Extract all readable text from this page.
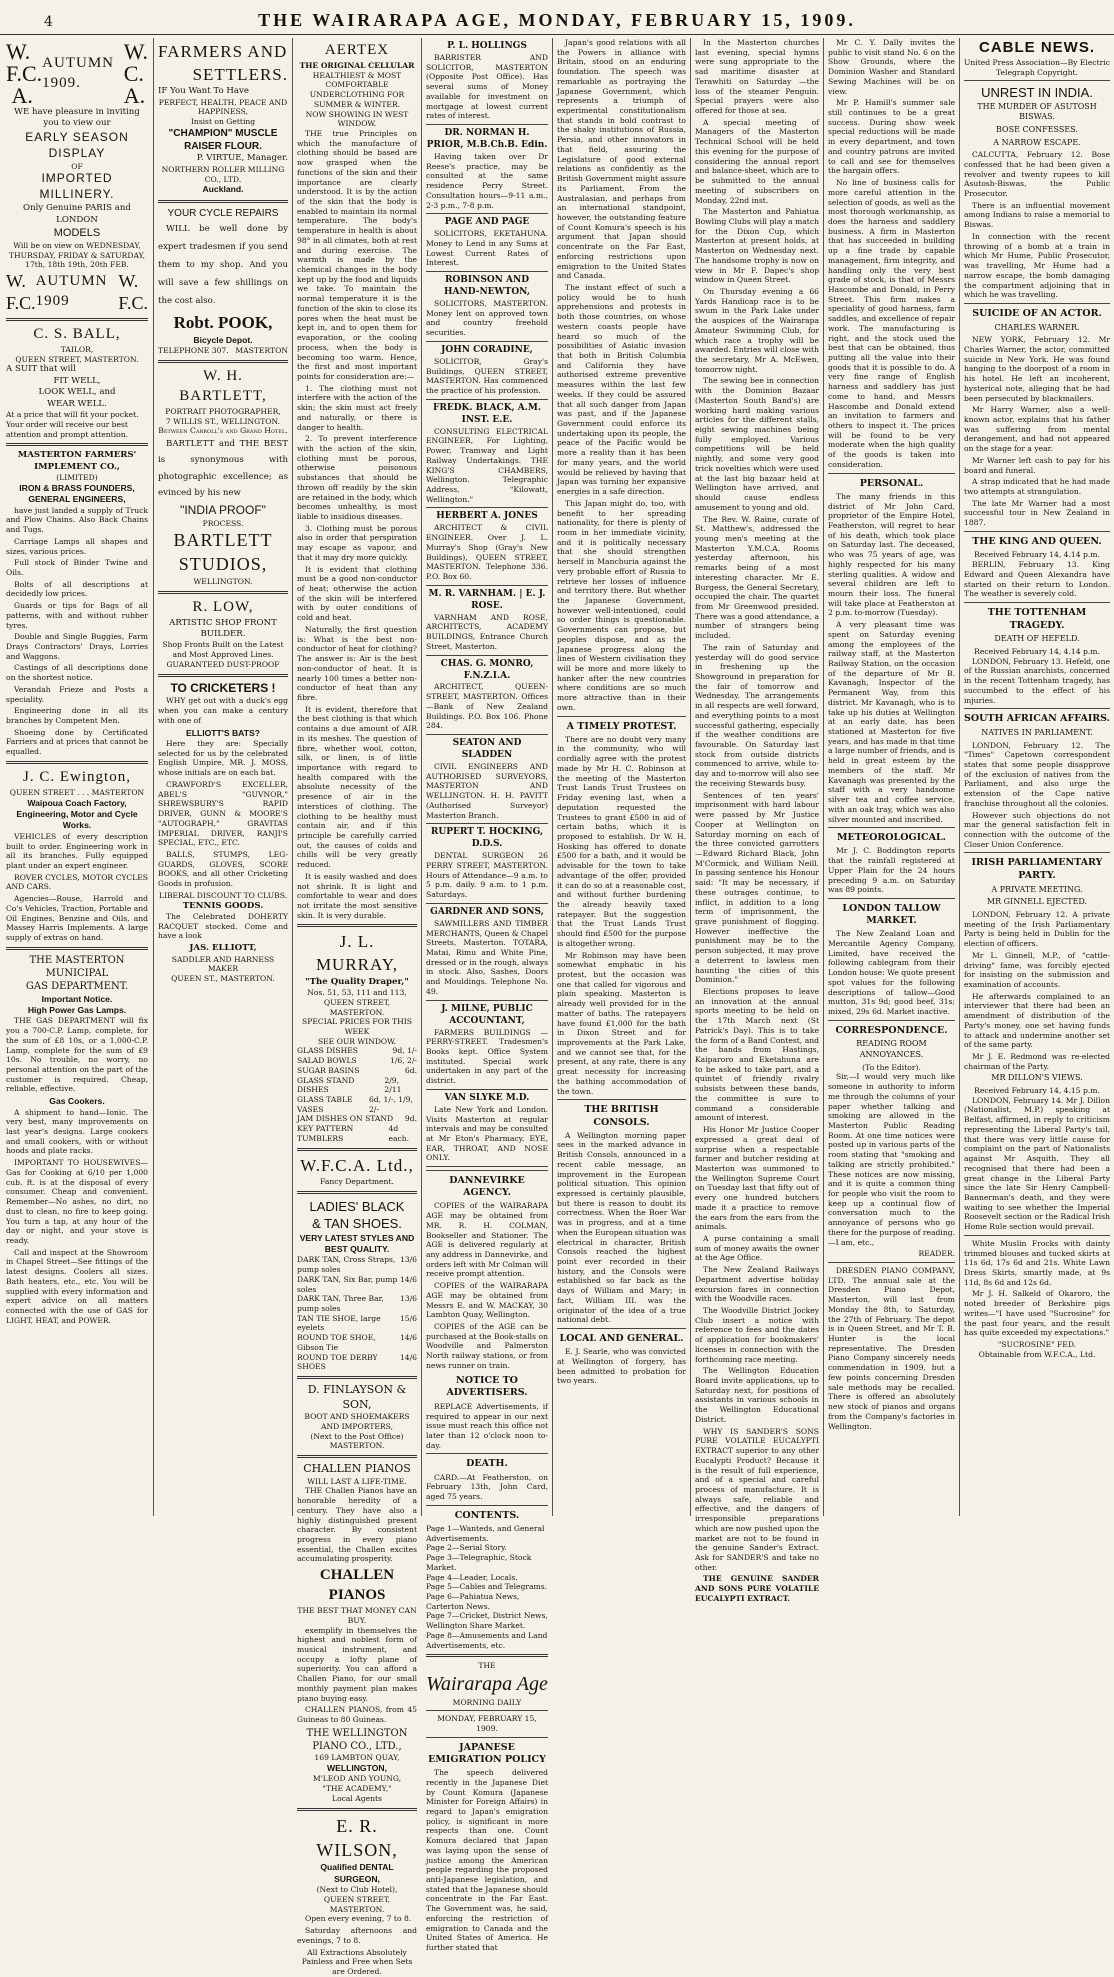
4	THE WAIRARAPA AGE, MONDAY, FEBRUARY 15, 1909.
W.
F.C.
A.
AUTUMN 1909.
W.
C.
A.

WE have pleasure in inviting you to view our

EARLY SEASON DISPLAY

OF

IMPORTED MILLINERY.

Only Genuine PARIS and LONDON

MODELS

Will be on view on WEDNESDAY, THURSDAY, FRIDAY & SATURDAY, 17th, 18th 19th, 20th FEB.

W.
F.C.
AUTUMN 1909
W.
F.C.

C. S. BALL,

TAILOR,

QUEEN STREET, MASTERTON.

A SUIT that will

FIT WELL,

LOOK WELL, and

WEAR WELL.

At a price that will fit your pocket.

Your order will receive our best attention and prompt attention.

MASTERTON FARMERS'

IMPLEMENT CO.,

(LIMITED)

IRON & BRASS FOUNDERS,

GENERAL ENGINEERS,

have just landed a supply of Truck and Plow Chains. Also Back Chains and Tugs.

Carriage Lamps all shapes and sizes, various prices.

Full stock of Binder Twine and Oils.

Bolts of all descriptions at decidedly low prices.

Guards or tips for Bags of all patterns, with and without rubber tyres.

Double and Single Buggies, Farm Drays Contractors' Drays, Lorries and Waggons.

Castings of all descriptions done on the shortest notice.

Verandah Frieze and Posts a speciality.

Engineering done in all its branches by Competent Men.

Shoeing done by Certificated Farriers and at prices that cannot be equalled.

J. C. Ewington,

QUEEN STREET . . . MASTERTON

Waipoua Coach Factory, Engineering, Motor and Cycle Works.

VEHICLES of every description built to order. Engineering work in all its branches. Fully equipped plant under an expert engineer.

ROVER CYCLES, MOTOR CYCLES AND CARS.

Agencies—Rouse, Harrold and Co's Vehicles, Traction, Portable and Oil Engines, Benzine and Oils, and Massey Harris Implements. A large supply of extras on hand.

THE MASTERTON

MUNICIPAL

GAS DEPARTMENT.

Important Notice.

High Power Gas Lamps.

THE GAS DEPARTMENT will fix you a 700-C.P. Lamp, complete, for the sum of £8 10s, or a 1,000-C.P. Lamp, complete for the sum of £9 10s. No trouble, no worry, no personal attention on the part of the customer is required. Cheap, reliable, effective.

Gas Cookers.

A shipment to hand—Ionic. The very best, many improvements on last year's designs. Large cookers and small cookers, with or without hoods and plate racks.

IMPORTANT TO HOUSEWIVES—Gas for Cooking at 6/10 per 1,000 cub. ft. is at the disposal of every consumer. Cheap and convenient. Remember—No ashes, no dirt, no dust to clean, no fire to keep going. You turn a tap, at any hour of the day or night, and your stove is ready.

Call and inspect at the Showroom in Chapel Street—See fittings of the latest designs. Coolers all sizes. Bath heaters, etc., etc. You will be supplied with every information and expert advice on all matters connected with the use of GAS for LIGHT, HEAT, and POWER.

FARMERS AND

SETTLERS.

IF You Want To Have

PERFECT, HEALTH, PEACE AND HAPPINESS,

Insist on Getting

"CHAMPION" MUSCLE RAISER FLOUR.

P. VIRTUE, Manager.

NORTHERN ROLLER MILLING CO., LTD.

Auckland.

YOUR CYCLE REPAIRS

WILL be well done by expert tradesmen if you send them to my shop. And you will save a few shillings on the cost also.

Robt. POOK,

Bicycle Depot.

TELEPHONE 307. MASTERTON

W. H. BARTLETT,

PORTRAIT PHOTOGRAPHER,

7 WILLIS ST., WELLINGTON.

Between Carroll's and Grand Hotel.

BARTLETT and THE BEST is synonymous with photographic excellence; as evinced by his new

"INDIA PROOF"

PROCESS.

BARTLETT STUDIOS,

WELLINGTON.

R. LOW,

ARTISTIC SHOP FRONT BUILDER.

Shop Fronts Built on the Latest and Most Approved Lines.

GUARANTEED DUST-PROOF

TO CRICKETERS !

WHY get out with a duck's egg when you can make a century with one of

ELLIOTT'S BATS?

Here they are: Specially selected for us by the celebrated English Umpire, MR. J. MOSS, whose initials are on each bat.

CRAWFORD'S EXCELLER, ABEL'S "GUVNOR," SHREWSBURY'S RAPID DRIVER, GUNN & MOORE'S "AUTOGRAPH," GRAVITAS IMPERIAL DRIVER, RANJI'S SPECIAL, ETC., ETC.

BALLS, STUMPS, LEG-GUARDS, GLOVES, SCORE BOOKS, and all other Cricketing Goods in profusion.

LIBERAL DISCOUNT TO CLUBS.

TENNIS GOODS.

The Celebrated DOHERTY RACQUET stocked. Come and have a look

JAS. ELLIOTT,

SADDLER AND HARNESS MAKER

QUEEN ST., MASTERTON.

AERTEX

THE ORIGINAL CELLULAR

HEALTHIEST & MOST COMFORTABLE UNDERCLOTHING FOR SUMMER & WINTER.

NOW SHOWING IN WEST WINDOW.

THE true Principles on which the manufacture of clothing should be based are now grasped when the functions of the skin and their importance are clearly understood. It is by the action of the skin that the body is enabled to maintain its normal temperature. The body's temperature in health is about 98° in all climates, both at rest and during exercise. The warmth is made by the chemical changes in the body kept up by the food and liquids we take. To maintain the normal temperature it is the function of the skin to close its pores when the heat must be kept in, and to open them for evaporation, or the cooling process, when the body is becoming too warm. Hence, the first and most important points for consideration are:—

1. The clothing must not interfere with the action of the skin; the skin must act freely and naturally, or there is danger to health.

2. To prevent interference with the action of the skin, clothing must be porous, otherwise poisonous substances that should be thrown off readily by the skin are retained in the body, which becomes unhealthy, is most liable to insidious diseases.

3. Clothing must be porous also in order that perspiration may escape as vapour, and that it may dry more quickly.

It is evident that clothing must be a good non-conductor of heat; otherwise the action of the skin will be interfered with by outer conditions of cold and heat.

Naturally, the first question is: What is the best non-conductor of heat for clothing? The answer is: Air is the best non-conductor of heat. It is nearly 100 times a better non-conductor of heat than any fibre.

It is evident, therefore that the best clothing is that which contains a due amount of AIR in its meshes. The question of fibre, whether wool, cotton, silk, or linen, is of little importance with regard to health compared with the absolute necessity of the presence of air in the interstices of clothing. The clothing to be healthy must contain air, and if this principle be carefully carried out, the causes of colds and chills will be very greatly reduced.

It is easily washed and does not shrink. It is light and comfortable to wear and does not irritate the most sensitive skin. It is very durable.

J. L. MURRAY,

"The Quality Draper,"

Nos. 51, 53, 111 and 113,

QUEEN STREET, MASTERTON.

SPECIAL PRICES FOR THIS WEEK

SEE OUR WINDOW.

GLASS DISHES	9d, 1/-
SALAD BOWLS	1/6, 2/-
SUGAR BASINS	6d.
GLASS STAND DISHES
2/9, 2/11
GLASS TABLE VASES
6d, 1/-, 1/9, 2/-
JAM DISHES ON STAND 9d.
KEY PATTERN TUMBLERS
4d each.

W.F.C.A. Ltd.,

Fancy Department.

LADIES' BLACK

& TAN SHOES.

VERY LATEST STYLES AND BEST QUALITY.

DARK TAN, Cross Straps, pump soles
13/6
DARK TAN, Six Bar, pump soles
14/6
DARK TAN, Three Bar, pump soles
13/6
TAN TIE SHOE, large eyelets
15/6
ROUND TOE SHOE, Gibson Tie
14/6
ROUND TOE DERBY SHOES
14/6

D. FINLAYSON & SON,

BOOT AND SHOEMAKERS

AND IMPORTERS,

(Next to the Post Office)

MASTERTON.

CHALLEN PIANOS

WILL LAST A LIFE-TIME.

THE Challen Pianos have an honorable heredity of a century. They have also a highly distinguished present character. By consistent progress in every piano essential, the Challen excites accumulating prosperity.

CHALLEN PIANOS

THE BEST THAT MONEY CAN BUY.

exemplify in themselves the highest and noblest form of musical instrument, and occupy a lofty plane of superiority. You can afford a Challen Piano, for our small monthly payment plan makes piano buying easy.

CHALLEN PIANOS, from 45 Guineas to 80 Guineas.

THE WELLINGTON PIANO CO., LTD.,

169 LAMBTON QUAY,

WELLINGTON,

M'LEOD AND YOUNG,

"THE ACADEMY,"

Local Agents

E. R. WILSON,

Qualified DENTAL SURGEON,

(Next to Club Hotel),

QUEEN STREET, MASTERTON.

Open every evening, 7 to 8.

Saturday afternoons and evenings, 7 to 8.

All Extractions Absolutely Painless and Free when Sets are Ordered.

P. L. HOLLINGS

BARRISTER AND SOLICITOR, MASTERTON (Opposite Post Office). Has several sums of Money available for investment on mortgage at lowest current rates of interest.

DR. NORMAN H. PRIOR, M.B.Ch.B. Edin.

Having taken over Dr Reese's practice, may be consulted at the same residence Perry Street. Consultation hours—9-11 a.m., 2-3 p.m., 7-8 p.m.

PAGE AND PAGE

SOLICITORS, EKETAHUNA. Money to Lend in any Sums at Lowest Current Rates of Interest.

ROBINSON AND HAND-NEWTON,

SOLICITORS, MASTERTON. Money lent on approved town and country freehold securities.

JOHN CORADINE,

SOLICITOR, Gray's Buildings, QUEEN STREET, MASTERTON. Has commenced the practice of his profession.

FREDK. BLACK, A.M. INST. E.E.

CONSULTING ELECTRICAL ENGINEER, For Lighting, Power, Tramway and Light Railway Undertakings. THE KING'S CHAMBERS, Wellington. Telegraphic Address, "Kilowatt, Wellington."

HERBERT A. JONES

ARCHITECT & CIVIL ENGINEER. Over J. L. Murray's Shop (Gray's New Buildings), QUEEN STREET, MASTERTON. Telephone 336. P.O. Box 60.

M. R. VARNHAM. | E. J. ROSE.

VARNHAM AND ROSE, ARCHITECTS, ACADEMY BUILDINGS, Entrance Church Street, Masterton.

CHAS. G. MONRO, F.N.Z.I.A.

ARCHITECT, QUEEN-STREET, MASTERTON. Offices—Bank of New Zealand Buildings. P.O. Box 106. Phone 284.

SEATON AND SLADDEN

CIVIL ENGINEERS AND AUTHORISED SURVEYORS, MASTERTON AND WELLINGTON. H. H. PAVITT (Authorised Surveyor) Masterton Branch.

RUPERT T. HOCKING, D.D.S.

DENTAL SURGEON 26 PERRY STREET, MASTERTON. Hours of Attendance—9 a.m. to 5 p.m. daily. 9 a.m. to 1 p.m. Saturdays.

GARDNER AND SONS,

SAWMILLERS AND TIMBER MERCHANTS, Queen & Chapel Streets, Masterton. TOTARA, Matai, Rimu and White Pine, dressed or in the rough, always in stock. Also, Sashes, Doors and Mouldings. Telephone No. 49.

J. MILNE, PUBLIC ACCOUNTANT,

FARMERS BUILDINGS — PERRY-STREET. Tradesmen's Books kept. Office System instituted. Special work undertaken in any part of the district.

VAN SLYKE M.D.

Late New York and London. Visits Masterton at regular intervals and may be consulted at Mr Eton's Pharmacy. EYE, EAR, THROAT, AND NOSE ONLY.

DANNEVIRKE AGENCY.

COPIES of the WAIRARAPA AGE may be obtained from MR. R. H. COLMAN, Bookseller and Stationer. The AGE is delivered regularly at any address in Dannevirke, and orders left with Mr Colman will receive prompt attention.

COPIES of the WAIRARAPA AGE may be obtained from Messrs E. and W. MACKAY, 30 Lambton Quay, Wellington.

COPIES of the AGE can be purchased at the Book-stalls on Woodville and Palmerston North railway stations, or from news runner on train.

NOTICE TO ADVERTISERS.

REPLACE Advertisements, if required to appear in our next issue must reach this office not later than 12 o'clock noon to-day.

DEATH.

CARD.—At Featherston, on February 13th, John Card, aged 75 years.

CONTENTS.

Page 1—Wanteds, and General Advertisements.

Page 2—Serial Story.

Page 3—Telegraphic, Stock Market.

Page 4—Leader, Locals.

Page 5—Cables and Telegrams.

Page 6—Pahiatua News, Carterton News.

Page 7—Cricket, District News, Wellington Share Market.

Page 8—Amusements and Land Advertisements, etc.

THE

Wairarapa Age

MORNING DAILY

MONDAY, FEBRUARY 15, 1909.

JAPANESE EMIGRATION POLICY

The speech delivered recently in the Japanese Diet by Count Komura (Japanese Minister for Foreign Affairs) in regard to Japan's emigration policy, is significant in more respects than one. Count Komura declared that Japan was laying upon the sense of justice among the American people regarding the proposed anti-Japanese legislation, and stated that the Japanese should concentrate in the Far East. The Government was, he said, enforcing the restriction of emigration to Canada and the United States of America. He further stated that

Japan's good relations with all the Powers in alliance with Britain, stood on an enduring foundation. The speech was remarkable as portraying the Japanese Government, which represents a triumph of experimental constitutionalism that stands in bold contrast to the shaky institutions of Russia, Persia, and other innovators in that field, assuring the Legislature of good external relations as confidently as the British Government might assure its Parliament. From the Australasian, and perhaps from an international standpoint, however, the outstanding feature of Count Komura's speech is his argument that Japan should concentrate on the Far East, enforcing restrictions upon emigration to the United States and Canada.

The instant effect of such a policy would be to hush apprehensions and protests in both those countries, on whose western coasts people have heard so much of the possibilities of Asiatic invasion that both in British Columbia and California they have authorised extreme preventive measures within the last few weeks. If they could be assured that all such danger from Japan was past, and if the Japanese Government could enforce its undertaking upon its people, the peace of the Pacific would be more a reality than it has been for many years, and the world would be relieved by having that Japan was turning her expansive energies in a safe direction.

This Japan might do, too, with benefit to her spreading nationality, for there is plenty of room in her immediate vicinity, and it is politically necessary that she should strengthen herself in Manchuria against the very probable effort of Russia to retrieve her losses of influence and territory there. But whether the Japanese Government, however well-intentioned, could so order things is questionable. Governments can propose, but peoples dispose, and as the Japanese progress along the lines of Western civilisation they will be more and more likely to hanker after the new countries where conditions are so much more attractive than in their own.

A TIMELY PROTEST.

There are no doubt very many in the community, who will cordially agree with the protest made by Mr H. C. Robinson at the meeting of the Masterton Trust Lands Trust Trustees on Friday evening last, when a deputation requested the Trustees to grant £500 in aid of certain baths, which it is proposed to establish. Dr W. H. Hosking has offered to donate £500 for a bath, and it would be advisable for the town to take advantage of the offer, provided it can do so at a reasonable cost, and without further burdening the already heavily taxed ratepayer. But the suggestion that the Trust Lands Trust should find £500 for the purpose is altogether wrong.

Mr Robinson may have been somewhat emphatic in his protest, but the occasion was one that called for vigorous and plain speaking. Masterton is already well provided for in the matter of baths. The ratepayers have found £1,000 for the bath in Dixon Street and for improvements at the Park Lake, and we cannot see that, for the present, at any rate, there is any great necessity for increasing the bathing accommodation of the town.

THE BRITISH CONSOLS.

A Wellington morning paper sees in the marked advance in British Consols, announced in a recent cable message, an improvement in the European political situation. This opinion expressed is certainly plausible, but there is reason to doubt its correctness. When the Boer War was in progress, and at a time when the European situation was electrical in character, British Consols reached the highest point ever recorded in their history, and the Consols were established so far back as the days of William and Mary; in fact, William III. was the originator of the idea of a true national debt.

LOCAL AND GENERAL.

E. J. Searle, who was convicted at Wellington of forgery, has been admitted to probation for two years.

In the Masterton churches last evening, special hymns were sung appropriate to the sad maritime disaster at Terawhiti on Saturday —the loss of the steamer Penguin. Special prayers were also offered for those at sea.

A special meeting of Managers of the Masterton Technical School will be held this evening for the purpose of considering the annual report and balance-sheet, which are to be submitted to the annual meeting of subscribers on Monday, 22nd inst.

The Masterton and Pahiatua Bowling Clubs will play a match for the Dixon Cup, which Masterton at present holds, at Masterton on Wednesday next. The handsome trophy is now on view in Mr F. Dapec's shop window in Queen Street.

On Thursday evening a 66 Yards Handicap race is to be swum in the Park Lake under the auspices of the Wairarapa Amateur Swimming Club, for which race a trophy will be awarded. Entries will close with the secretary, Mr A. McEwen, tomorrow night.

The sewing bee in connection with the Dominion Bazaar (Masterton South Band's) are working hard making various articles for the different stalls, eight sewing machines being fully employed. Various competitions will be held nightly, and some very good trick novelties which were used at the last big bazaar held at Wellington have arrived, and should cause endless amusement to young and old.

The Rev. W. Raine, curate of St. Matthew's, addressed the young men's meeting at the Masterton Y.M.C.A. Rooms yesterday afternoon, his remarks being of a most interesting character. Mr E. Burgess, the General Secretary, occupied the chair. The quartet from Mr Greenwood presided. There was a good attendance, a number of strangers being included.

The rain of Saturday and yesterday will do good service in freshening up the Showground in preparation for the fair of tomorrow and Wednesday. The arrangements in all respects are well forward, and everything points to a most successful gathering, especially if the weather conditions are favourable. On Saturday last stock from outside districts commenced to arrive, while to-day and to-morrow will also see the receiving Stewards busy.

Sentences of ten years' imprisonment with hard labour were passed by Mr Justice Cooper at Wellington on Saturday morning on each of the three convicted garrotters—Edward Richard Black, John M'Cormick, and William Neill. In passing sentence his Honour said: "It may be necessary, if these outrages continue, to inflict, in addition to a long term of imprisonment, the grave punishment of flogging. However ineffective the punishment may be to the person subjected, it may prove a deterrent to lawless men haunting the cities of this Dominion."

Elections proposes to leave an innovation at the annual sports meeting to be held on the 17th March next (St Patrick's Day). This is to take the form of a Band Contest, and the bands from Hastings, Kaiparoro and Eketahuna are to be asked to take part, and a quintet of friendly rivalry subsists between these bands, the committee is sure to command a considerable amount of interest.

His Honor Mr Justice Cooper expressed a great deal of surprise when a respectable farmer and butcher residing at Masterton was summoned to the Wellington Supreme Court on Tuesday last that fifty out of every one hundred butchers made it a practice to remove the ears from the ears from the animals.

A purse containing a small sum of money awaits the owner at the Age Office.

The New Zealand Railways Department advertise holiday excursion fares in connection with the Woodville races.

The Woodville District Jockey Club insert a notice with reference to fees and the dates of application for bookmakers' licenses in connection with the forthcoming race meeting.

The Wellington Education Board invite applications, up to Saturday next, for positions of assistants in various schools in the Wellington Educational District.

WHY IS SANDER'S SONS PURE VOLATILE EUCALYPTI EXTRACT superior to any other Eucalypti Product? Because it is the result of full experience, and of a special and careful process of manufacture. It is always safe, reliable and effective, and the dangers of irresponsible preparations which are now pushed upon the market are not to be found in the genuine Sander's Extract. Ask for SANDER'S and take no other.

THE GENUINE SANDER AND SONS PURE VOLATILE EUCALYPTI EXTRACT.

Mr C. Y. Dally invites the public to visit stand No. 6 on the Show Grounds, where the Dominion Washer and Standard Sewing Machines will be on view.

Mr P. Hamill's summer sale still continues to be a great success. During show week special reductions will be made in every department, and town and country patrons are invited to call and see for themselves the bargain offers.

No line of business calls for more careful attention in the selection of goods, as well as the most thorough workmanship, as does the harness and saddlery business. A firm in Masterton that has succeeded in building up a fine trade by capable management, firm integrity, and handling only the very best grade of stock, is that of Messrs Hascombe and Donald, in Perry Street. This firm makes a speciality of good harness, farm saddles, and excellence of repair work. The manufacturing is right, and the stock used the best that can be obtained, thus putting all the value into their goods that it is possible to do. A very fine range of English harness and saddlery has just come to hand, and Messrs Hascombe and Donald extend an invitation to farmers and others to inspect it. The prices will be found to be very moderate when the high quality of the goods is taken into consideration.

PERSONAL.

The many friends in this district of Mr John Card, proprietor of the Empire Hotel, Featherston, will regret to hear of his death, which took place on Saturday last. The deceased, who was 75 years of age, was highly respected for his many sterling qualities. A widow and several children are left to mourn their loss. The funeral will take place at Featherston at 2 p.m. to-morrow (Tuesday).

A very pleasant time was spent on Saturday evening among the employees of the railway staff, at the Masterton Railway Station, on the occasion of the departure of Mr B. Kavanagh, Inspector of the Permanent Way, from this district. Mr Kavanagh, who is to take up his duties at Wellington at an early date, has been stationed at Masterton for five years, and has made in that time a large number of friends, and is held in great esteem by the members of the staff. Mr Kavanagh was presented by the staff with a very handsome silver tea and coffee service, with an oak tray, which was also silver mounted and inscribed.

METEOROLOGICAL.

Mr J. C. Boddington reports that the rainfall registered at Upper Plain for the 24 hours preceding 9 a.m. on Saturday was 89 points.

LONDON TALLOW MARKET.

The New Zealand Loan and Mercantile Agency Company, Limited, have received the following cablegram from their London house: We quote present spot values for the following descriptions of tallow—Good mutton, 31s 9d; good beef, 31s; mixed, 29s 6d. Market inactive.

CORRESPONDENCE.

READING ROOM ANNOYANCES.

(To the Editor).

Sir,—I would very much like someone in authority to inform me through the columns of your paper whether talking and smoking are allowed in the Masterton Public Reading Room. At one time notices were posted up in various parts of the room stating that "smoking and talking are strictly prohibited." These notices are now missing, and it is quite a common thing for people who visit the room to keep up a continual flow of conversation much to the annoyance of persons who go there for the purpose of reading.—I am, etc.,

READER.

DRESDEN PIANO COMPANY, LTD. The annual sale at the Dresden Piano Depot, Masterton, will last from Monday the 8th, to Saturday, the 27th of February. The depot is in Queen Street, and Mr T. B. Hunter is the local representative. The Dresden Piano Company sincerely needs commendation in 1909, but a few points concerning Dresden sale methods may be recalled. There is offered an absolutely new stock of pianos and organs from the Company's factories in Wellington.

CABLE NEWS.

United Press Association—By Electric Telegraph Copyright.

UNREST IN INDIA.

THE MURDER OF ASUTOSH BISWAS.

BOSE CONFESSES.

A NARROW ESCAPE.

CALCUTTA, February 12. Bose confessed that he had been given a revolver and twenty rupees to kill Asutosh-Biswas, the Public Prosecutor.

There is an influential movement among Indians to raise a memorial to Biswas.

In connection with the recent throwing of a bomb at a train in which Mr Hume, Public Prosecutor, was travelling, Mr Hume had a narrow escape, the bomb damaging the compartment adjoining that in which he was travelling.

SUICIDE OF AN ACTOR.

CHARLES WARNER.

NEW YORK, February 12. Mr Charles Warner, the actor, committed suicide in New York. He was found hanging to the doorpost of a room in his hotel. He left an incoherent, hysterical note, alleging that he had been persecuted by blackmailers.

Mr Harry Warner, also a well-known actor, explains that his father was suffering from mental derangement, and had not appeared on the stage for a year.

Mr Warner left cash to pay for his board and funeral.

A strap indicated that he had made two attempts at strangulation.

The late Mr Warner had a most successful tour in New Zealand in 1887.

THE KING AND QUEEN.

Received February 14, 4.14 p.m.

BERLIN, February 13. King Edward and Queen Alexandra have started on their return to London. The weather is severely cold.

THE TOTTENHAM TRAGEDY.

DEATH OF HEFELD.

Received February 14, 4.14 p.m.

LONDON, February 13. Hefeld, one of the Russian anarchists, concerned in the recent Tottenham tragedy, has succumbed to the effect of his injuries.

SOUTH AFRICAN AFFAIRS.

NATIVES IN PARLIAMENT.

LONDON, February 12. The "Times" Capetown correspondent states that some people disapprove of the exclusion of natives from the Parliament, and also urge the extension of the Cape native franchise throughout all the colonies.

However such objections do not mar the general satisfaction felt in connection with the outcome of the Closer Union Conference.

IRISH PARLIAMENTARY PARTY.

A PRIVATE MEETING.

MR GINNELL EJECTED.

LONDON, February 12. A private meeting of the Irish Parliamentary Party is being held in Dublin for the election of officers.

Mr L. Ginnell, M.P., of "cattle-driving" fame, was forcibly ejected for insisting on the submission and examination of accounts.

He afterwards complained to an interviewer that there had been an amendment of distribution of the Party's money, one set having funds to attack and undermine another set of the same party.

Mr J. E. Redmond was re-elected chairman of the Party.

MR DILLON'S VIEWS.

Received February 14, 4.15 p.m.

LONDON, February 14. Mr J. Dillon (Nationalist, M.P.) speaking at Belfast, affirmed, in reply to criticism representing the Liberal Party's tail, that there was very little cause for complaint on the part of Nationalists against Mr Asquith. They all recognised that there had been a great change in the Liberal Party since the late Sir Henry Campbell-Bannerman's death, and they were waiting to see whether the Imperial Roosevelt section or the Radical Irish Home Rule section would prevail.

White Muslin Frocks with dainty trimmed blouses and tucked skirts at 11s 6d, 17s 6d and 21s. White Lawn Dress Skirts, smartly made, at 9s 11d, 8s 6d and 12s 6d.

Mr J. H. Salkeld of Okaroro, the noted breeder of Berkshire pigs writes—"I have used "Sucrosine" for the past four years, and the result has quite exceeded my expectations."

"SUCROSINE" FED.

Obtainable from W.F.C.A., Ltd.
